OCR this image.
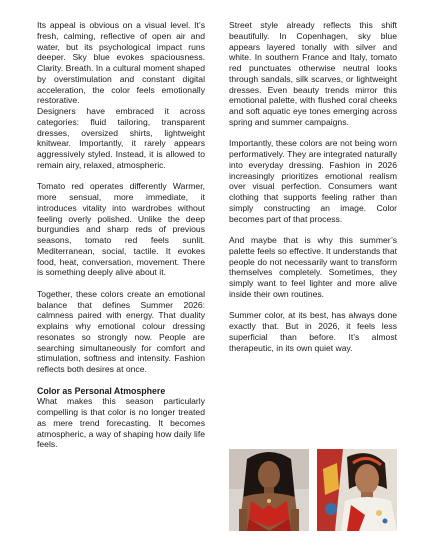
Its appeal is obvious on a visual level. It’s fresh, calming, reflective of open air and water, but its psychological impact runs deeper. Sky blue evokes spaciousness. Clarity. Breath. In a cultural moment shaped by overstimulation and constant digital acceleration, the color feels emotionally restorative.

Designers have embraced it across categories: fluid tailoring, transparent dresses, oversized shirts, lightweight knitwear. Importantly, it rarely appears aggressively styled. Instead, it is allowed to remain airy, relaxed, atmospheric.

Tomato red operates differently Warmer, more sensual, more immediate, it introduces vitality into wardrobes without feeling overly polished. Unlike the deep burgundies and sharp reds of previous seasons, tomato red feels sunlit. Mediterranean, social, tactile. It evokes food, heat, conversation, movement. There is something deeply alive about it.

Together, these colors create an emotional balance that defines Summer 2026: calmness paired with energy. That duality explains why emotional colour dressing resonates so strongly now. People are searching simultaneously for comfort and stimulation, softness and intensity. Fashion reflects both desires at once.

Color as Personal Atmosphere

What makes this season particularly compelling is that color is no longer treated as mere trend forecasting. It becomes atmospheric, a way of shaping how daily life feels.

Street style already reflects this shift beautifully. In Copenhagen, sky blue appears layered tonally with silver and white. In southern France and Italy, tomato red punctuates otherwise neutral looks through sandals, silk scarves, or lightweight dresses. Even beauty trends mirror this emotional palette, with flushed coral cheeks and soft aquatic eye tones emerging across spring and summer campaigns.

Importantly, these colors are not being worn performatively. They are integrated naturally into everyday dressing. Fashion in 2026 increasingly prioritizes emotional realism over visual perfection. Consumers want clothing that supports feeling rather than simply constructing an image. Color becomes part of that process.

And maybe that is why this summer’s palette feels so effective. It understands that people do not necessarily want to transform themselves completely. Sometimes, they simply want to feel lighter and more alive inside their own routines.

Summer color, at its best, has always done exactly that. But in 2026, it feels less superficial than before. It’s almost therapeutic, in its own quiet way.
